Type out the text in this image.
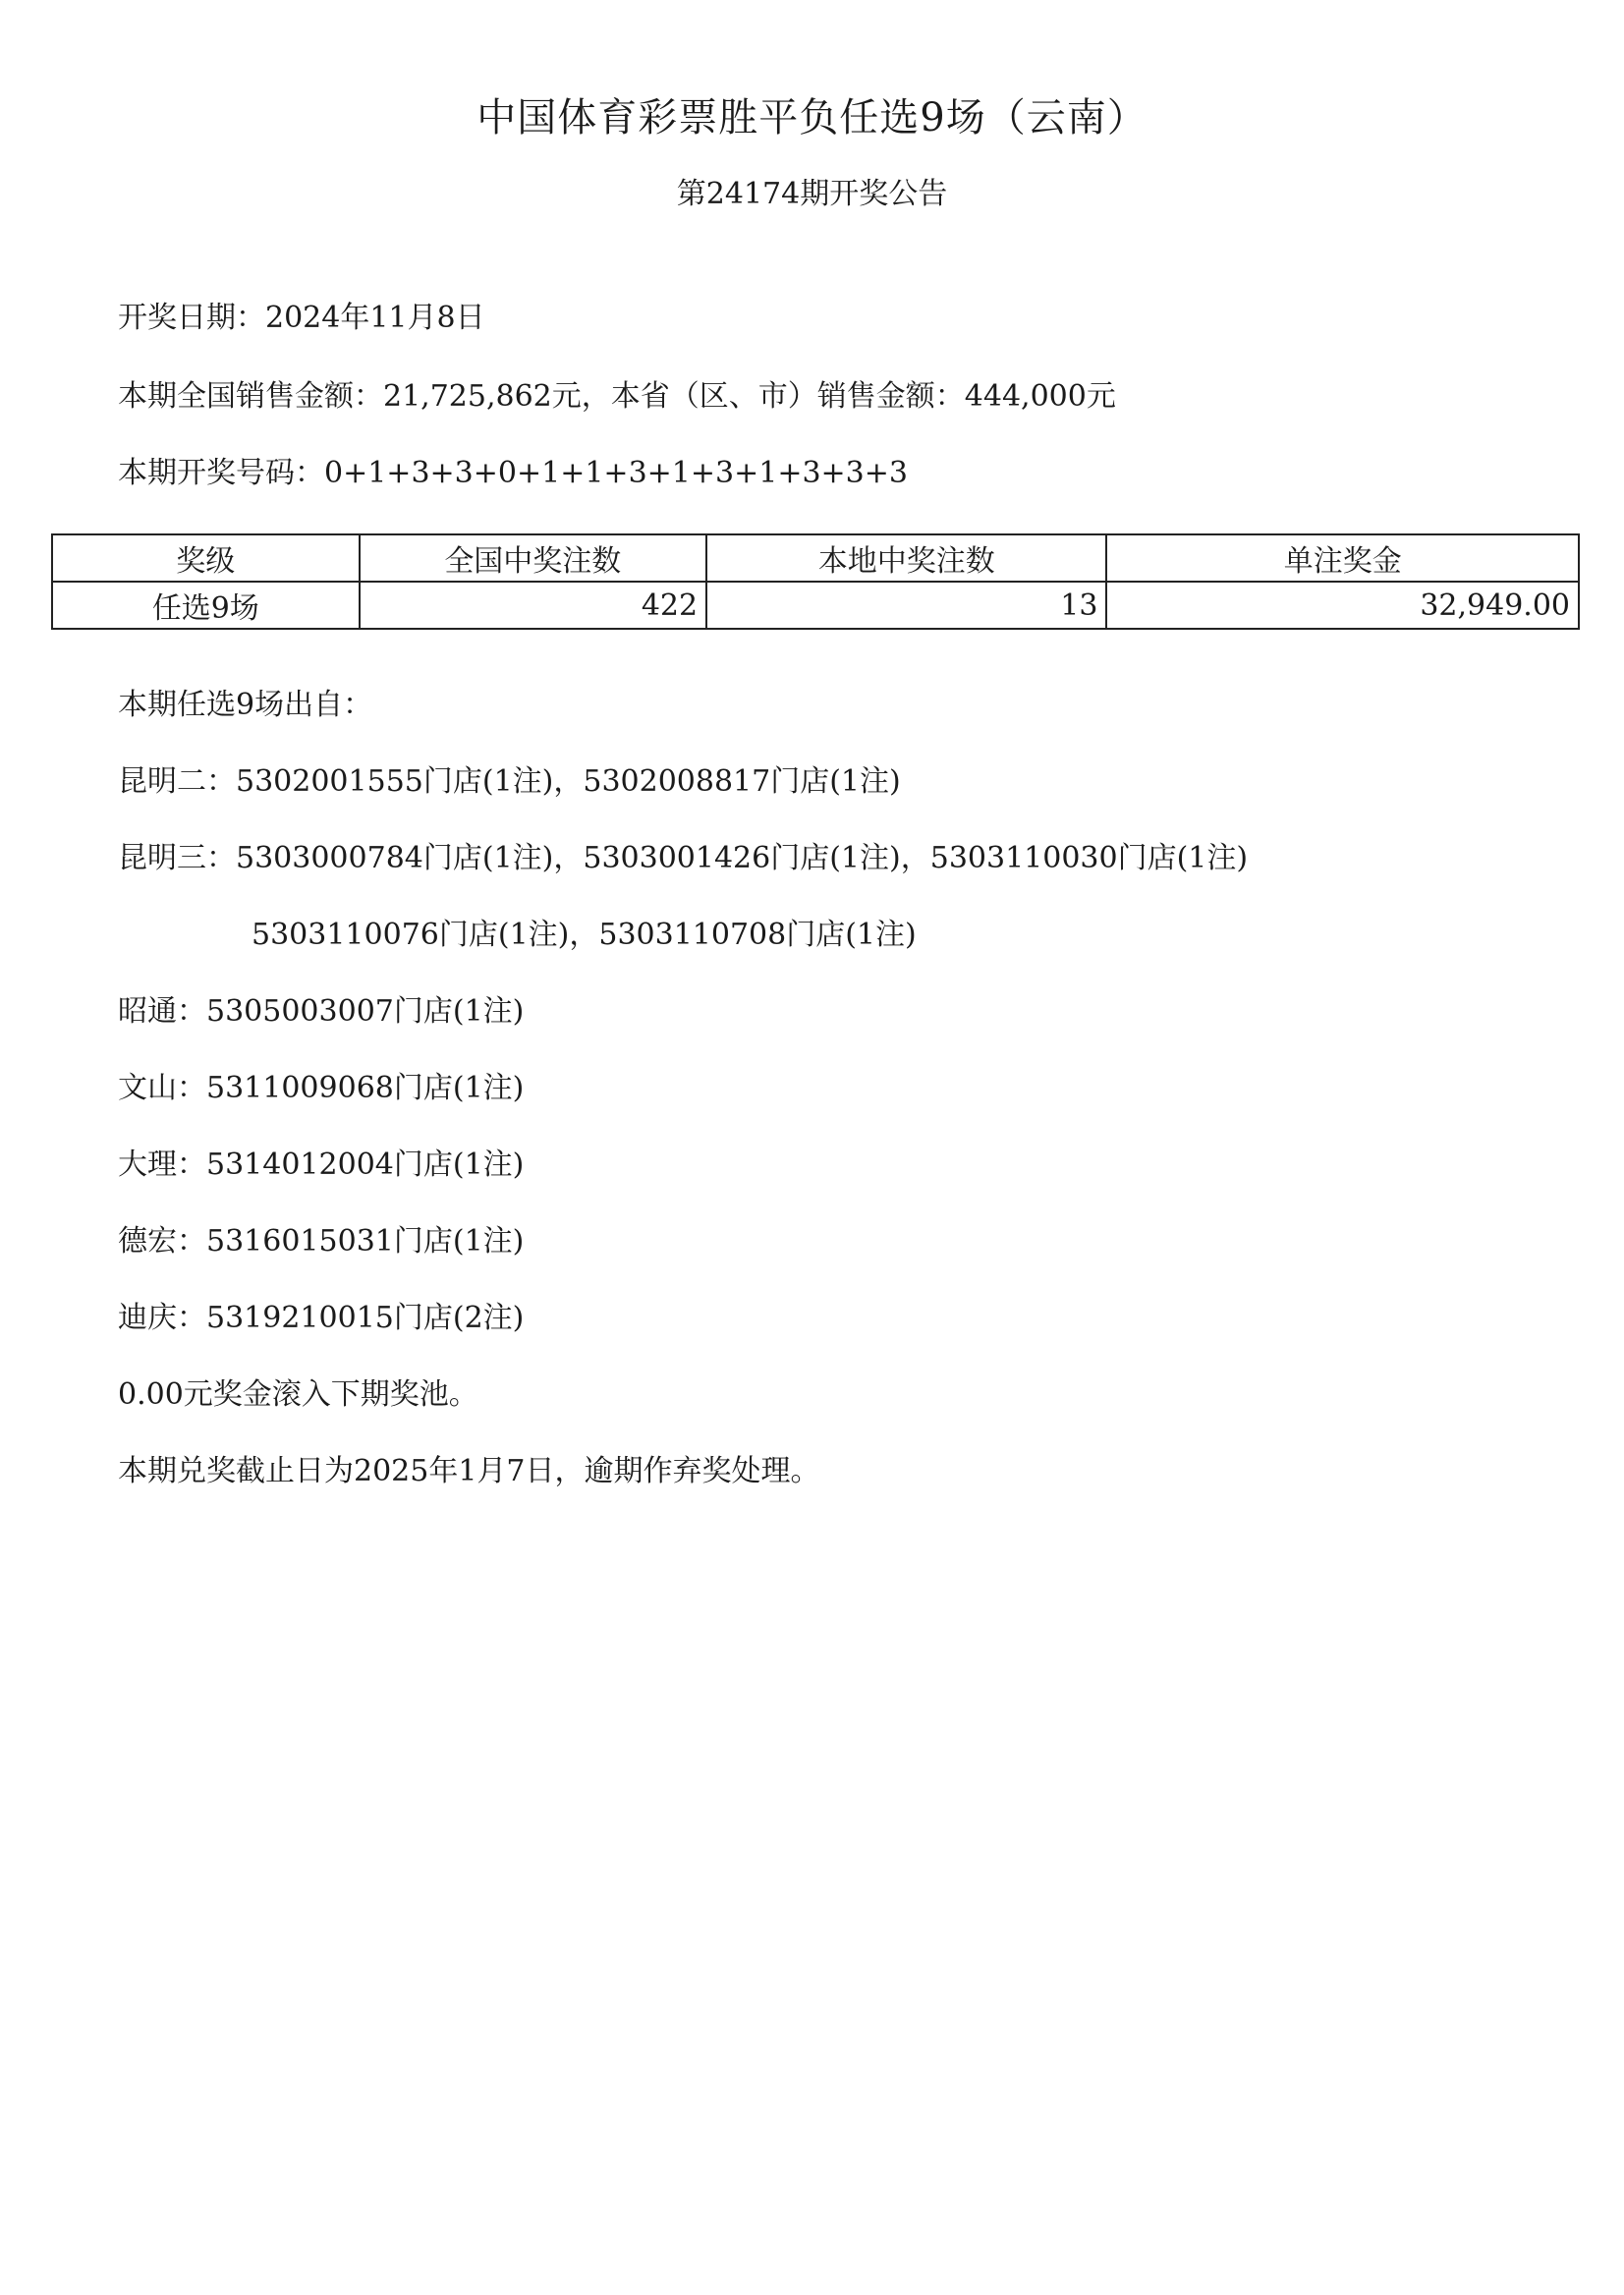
中国体育彩票胜平负任选9场（云南）
第24174期开奖公告
开奖日期：2024年11月8日
本期全国销售金额：21,725,862元，本省（区、市）销售金额：444,000元
本期开奖号码：0+1+3+3+0+1+1+3+1+3+1+3+3+3
奖级	全国中奖注数	本地中奖注数	单注奖金
任选9场	422	13	32,949.00
本期任选9场出自：
昆明二：5302001555门店(1注)，5302008817门店(1注)
昆明三：5303000784门店(1注)，5303001426门店(1注)，5303110030门店(1注)
5303110076门店(1注)，5303110708门店(1注)
昭通：5305003007门店(1注)
文山：5311009068门店(1注)
大理：5314012004门店(1注)
德宏：5316015031门店(1注)
迪庆：5319210015门店(2注)
0.00元奖金滚入下期奖池。
本期兑奖截止日为2025年1月7日，逾期作弃奖处理。
